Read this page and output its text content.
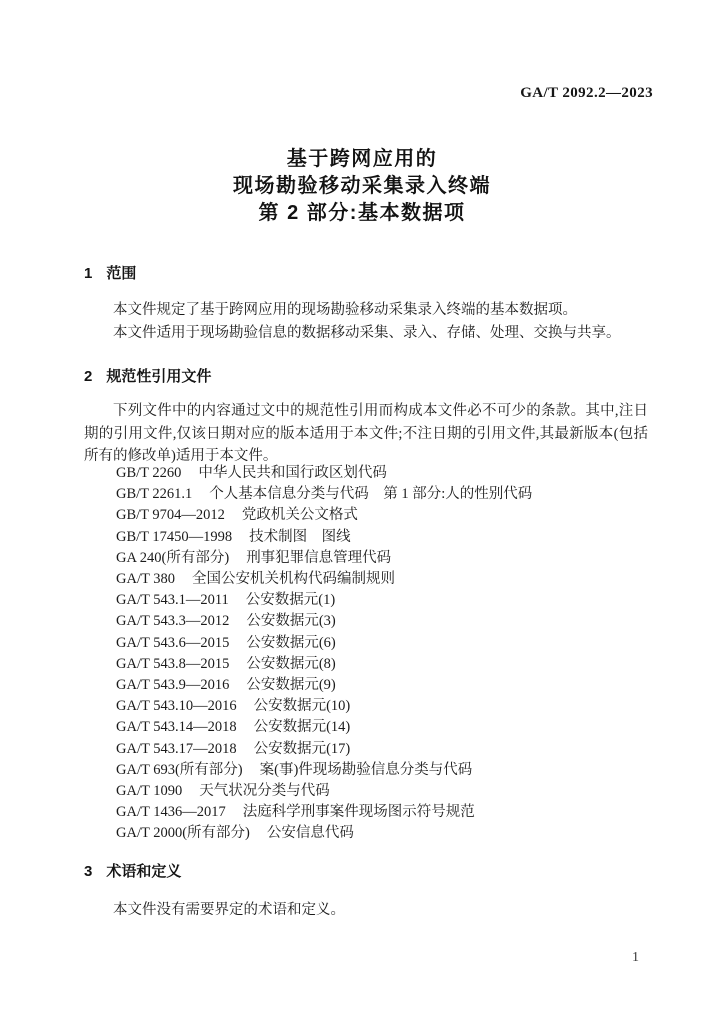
GA/T 2092.2—2023
基于跨网应用的
现场勘验移动采集录入终端
第 2 部分:基本数据项
1 范围

本文件规定了基于跨网应用的现场勘验移动采集录入终端的基本数据项。

本文件适用于现场勘验信息的数据移动采集、录入、存储、处理、交换与共享。

2 规范性引用文件

下列文件中的内容通过文中的规范性引用而构成本文件必不可少的条款。其中,注日期的引用文件,仅该日期对应的版本适用于本文件;不注日期的引用文件,其最新版本(包括所有的修改单)适用于本文件。

GB/T 2260 中华人民共和国行政区划代码
GB/T 2261.1 个人基本信息分类与代码　第 1 部分:人的性别代码
GB/T 9704—2012 党政机关公文格式
GB/T 17450—1998 技术制图　图线
GA 240(所有部分) 刑事犯罪信息管理代码
GA/T 380 全国公安机关机构代码编制规则
GA/T 543.1—2011 公安数据元(1)
GA/T 543.3—2012 公安数据元(3)
GA/T 543.6—2015 公安数据元(6)
GA/T 543.8—2015 公安数据元(8)
GA/T 543.9—2016 公安数据元(9)
GA/T 543.10—2016 公安数据元(10)
GA/T 543.14—2018 公安数据元(14)
GA/T 543.17—2018 公安数据元(17)
GA/T 693(所有部分) 案(事)件现场勘验信息分类与代码
GA/T 1090 天气状况分类与代码
GA/T 1436—2017 法庭科学刑事案件现场图示符号规范
GA/T 2000(所有部分) 公安信息代码
3 术语和定义

本文件没有需要界定的术语和定义。

1
